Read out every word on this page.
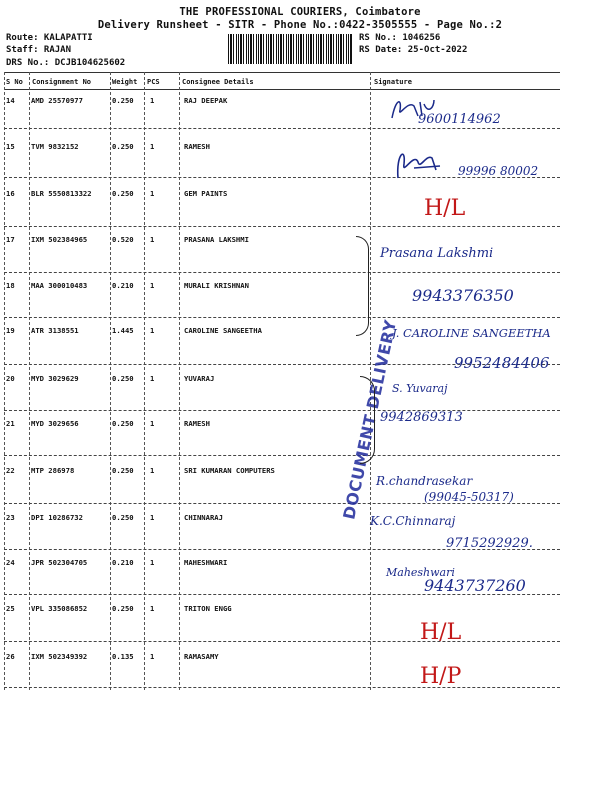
THE PROFESSIONAL COURIERS, Coimbatore
Delivery Runsheet - SITR - Phone No.:0422-3505555 - Page No.:2
Route: KALAPATTI
Staff: RAJAN
DRS No.: DCJB104625602
RS No.: 1046256
RS Date: 25-Oct-2022
S No Consignment No	Weight PCS	Consignee Details	Signature
14 AMD 25570977	0.250 1	RAJ DEEPAK
15 TVM 9832152	0.250 1	RAMESH
16 BLR 5550813322	0.250 1	GEM PAINTS
17 IXM 502384965	0.520 1	PRASANA LAKSHMI
18 MAA 300010483	0.210 1	MURALI KRISHNAN
19 ATR 3138551	1.445 1	CAROLINE SANGEETHA
20 MYD 3029629	0.250 1	YUVARAJ
21 MYD 3029656	0.250 1	RAMESH
22 MTP 286978	0.250 1	SRI KUMARAN COMPUTERS
23 DPI 10286732	0.250 1	CHINNARAJ
24 JPR 502304705	0.210 1	MAHESHWARI
25 VPL 335086852	0.250 1	TRITON ENGG
26 IXM 502349392	0.135 1	RAMASAMY
DOCUMENT DELIVERY
9600114962
99996 80002
H/L
Prasana Lakshmi
9943376350
J. CAROLINE SANGEETHA
9952484406
S. Yuvaraj
9942869313
R.chandrasekar
(99045-50317)
K.C.Chinnaraj
9715292929.
Maheshwari
9443737260
H/L
H/P
